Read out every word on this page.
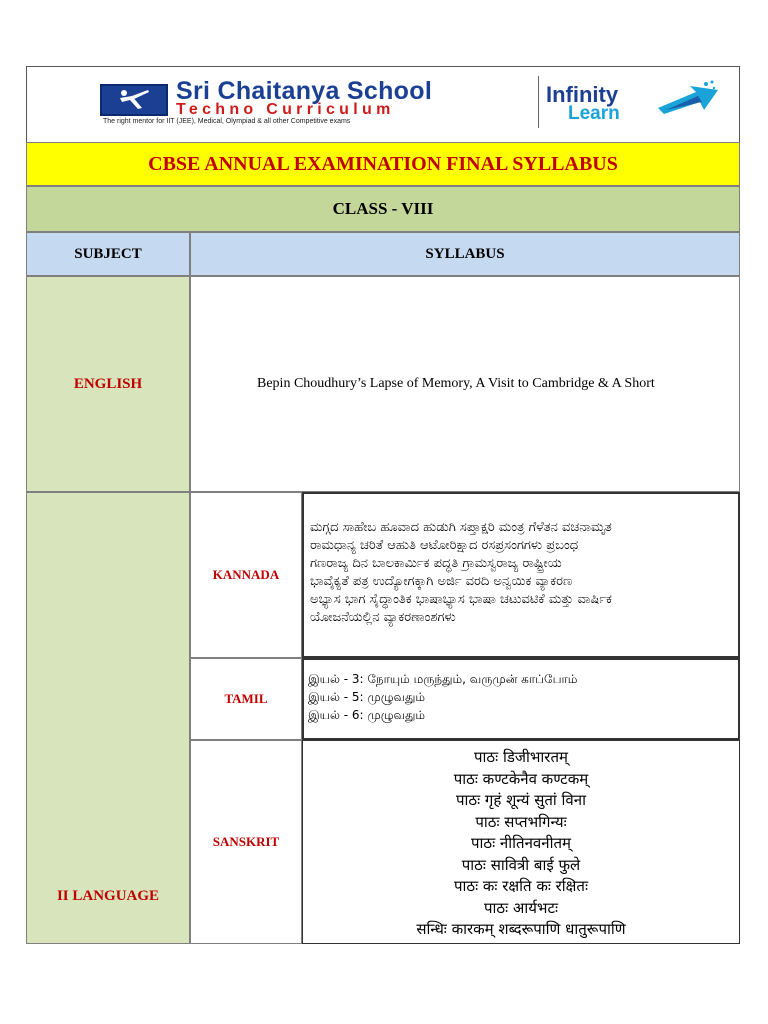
Sri Chaitanya School
Techno Curriculum
The right mentor for IIT (JEE), Medical, Olympiad & all other Competitive exams
Infinity
Learn
CBSE ANNUAL EXAMINATION FINAL SYLLABUS
CLASS - VIII
SUBJECT	SYLLABUS
ENGLISH	Bepin Choudhury’s Lapse of Memory, A Visit to Cambridge & A Short
II LANGUAGE
KANNADA
ಮಗ್ಗದ ಸಾಹೇಬ ಹೂವಾದ ಹುಡುಗಿ ಸಪ್ತಾಕ್ಷರಿ ಮಂತ್ರ ಗೆಳೆತನ ವಚನಾಮೃತ
ರಾಮಧಾನ್ಯ ಚರಿತೆ ಆಹುತಿ ಆಟೋರಿಕ್ಷಾದ ರಸಪ್ರಸಂಗಗಳು ಪ್ರಬಂಧ
ಗಣರಾಜ್ಯ ದಿನ ಬಾಲಕಾರ್ಮಿಕ ಪದ್ಧತಿ ಗ್ರಾಮಸ್ವರಾಜ್ಯ ರಾಷ್ಟ್ರೀಯ
ಭಾವೈಕ್ಯತೆ ಪತ್ರ ಉದ್ಯೋಗಕ್ಕಾಗಿ ಅರ್ಜಿ ವರದಿ ಅನ್ವಯಿಕ ವ್ಯಾಕರಣ
ಅಭ್ಯಾಸ ಭಾಗ ಸೈದ್ಧಾಂತಿಕ ಭಾಷಾಭ್ಯಾಸ ಭಾಷಾ ಚಟುವಟಿಕೆ ಮತ್ತು ವಾರ್ಷಿಕ
ಯೋಜನೆಯಲ್ಲಿನ ವ್ಯಾಕರಣಾಂಶಗಳು
TAMIL
இயல் - 3: நோயும் மருந்தும், வருமுன் காப்போம்
இயல் - 5: முழுவதும்
இயல் - 6: முழுவதும்
SANSKRIT
पाठः डिजीभारतम्
पाठः कण्टकेनैव कण्टकम्
पाठः गृहं शून्यं सुतां विना
पाठः सप्तभगिन्यः
पाठः नीतिनवनीतम्
पाठः सावित्री बाई फुले
पाठः कः रक्षति कः रक्षितः
पाठः आर्यभटः
सन्धिः कारकम् शब्दरूपाणि धातुरूपाणि
